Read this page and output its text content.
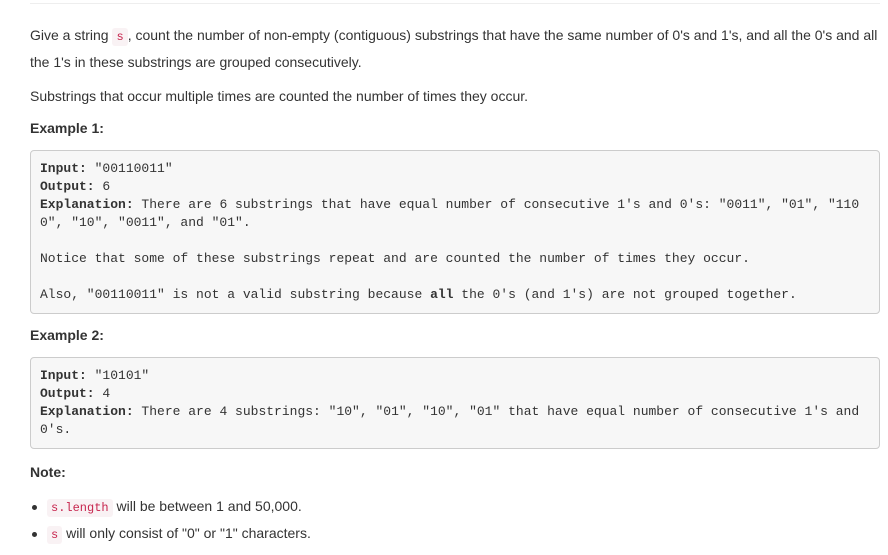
Give a string s , count the number of non-empty (contiguous) substrings that have the same number of 0's and 1's, and all the 0's and all the 1's in these substrings are grouped consecutively.

Substrings that occur multiple times are counted the number of times they occur.

Example 1:
Input: "00110011"
Output: 6
Explanation: There are 6 substrings that have equal number of consecutive 1's and 0's: "0011", "01", "1100", "10", "0011", and "01".

Notice that some of these substrings repeat and are counted the number of times they occur.

Also, "00110011" is not a valid substring because all the 0's (and 1's) are not grouped together.
Example 2:
Input: "10101"
Output: 4
Explanation: There are 4 substrings: "10", "01", "10", "01" that have equal number of consecutive 1's and 0's.
Note:
s.length will be between 1 and 50,000.
s will only consist of "0" or "1" characters.
